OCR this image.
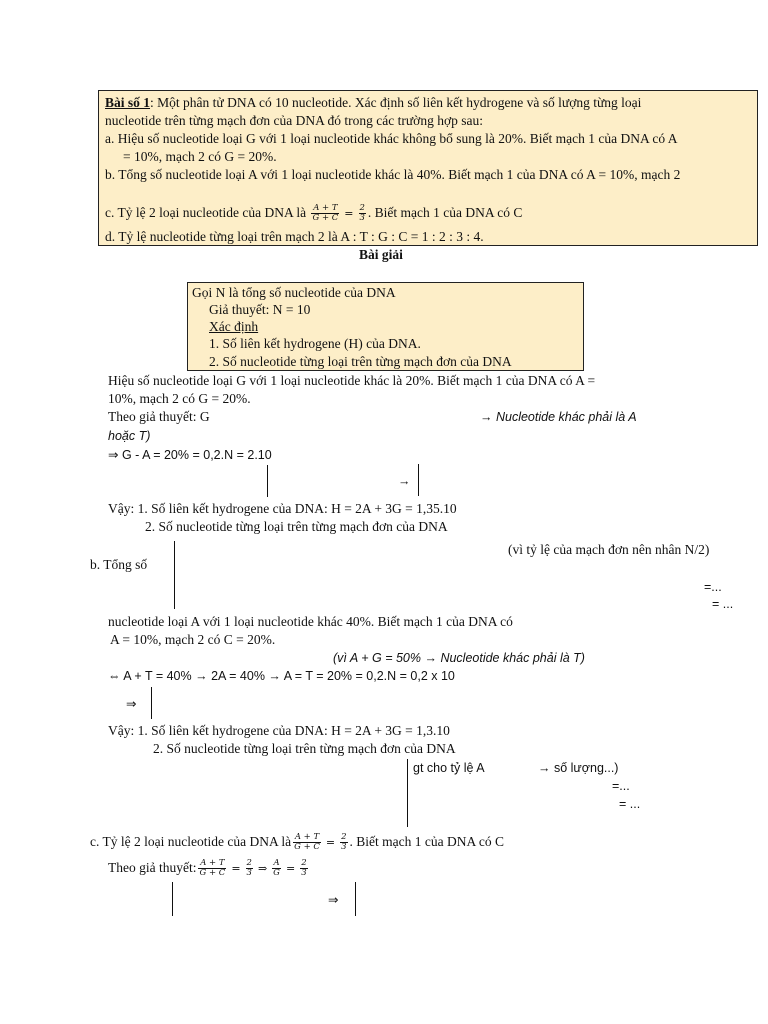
Bài số 1: Một phân tử DNA có 10 nucleotide. Xác định số liên kết hydrogene và số lượng từng loại
nucleotide trên từng mạch đơn của DNA đó trong các trường hợp sau:
a. Hiệu số nucleotide loại G với 1 loại nucleotide khác không bổ sung là 20%. Biết mạch 1 của DNA có A
= 10%, mạch 2 có G = 20%.
b. Tổng số nucleotide loại A với 1 loại nucleotide khác là 40%. Biết mạch 1 của DNA có A = 10%, mạch 2
c. Tỷ lệ 2 loại nucleotide của DNA là $\frac{A + T}{G + C} = \frac{2}{3}$ . Biết mạch 1 của DNA có C
d. Tỷ lệ nucleotide từng loại trên mạch 2 là A : T : G : C = 1 : 2 : 3 : 4.
Bài giải
Gọi N là tổng số nucleotide của DNA
Giả thuyết: N = 10
Xác định
1. Số liên kết hydrogene (H) của DNA.
2. Số nucleotide từng loại trên từng mạch đơn của DNA
Hiệu số nucleotide loại G với 1 loại nucleotide khác là 20%. Biết mạch 1 của DNA có A =
10%, mạch 2 có G = 20%.
Theo giả thuyết: G	→ Nucleotide khác phải là A
hoặc T)
⇒ G - A = 20% = 0,2.N = 2.10
→
Vậy: 1. Số liên kết hydrogene của DNA: H = 2A + 3G = 1,35.10
2. Số nucleotide từng loại trên từng mạch đơn của DNA
(vì tỷ lệ của mạch đơn nên nhân N/2)
b. Tổng số
=...
= ...
nucleotide loại A với 1 loại nucleotide khác 40%. Biết mạch 1 của DNA có
A = 10%, mạch 2 có C = 20%.
(vì A + G = 50% → Nucleotide khác phải là T)
⇔ A + T = 40% → 2A = 40% → A = T = 20% = 0,2.N = 0,2 x 10
⇒
Vậy: 1. Số liên kết hydrogene của DNA: H = 2A + 3G = 1,3.10
2. Số nucleotide từng loại trên từng mạch đơn của DNA
gt cho tỷ lệ A	→ số lượng...)
=...
= ...
c. Tỷ lệ 2 loại nucleotide của DNA là $\frac{A + T}{G + C} = \frac{2}{3}$ . Biết mạch 1 của DNA có C
Theo giả thuyết: $\frac{A + T}{G + C} = \frac{2}{3}$ ⇒ $\frac{A}{G} = \frac{2}{3}$
⇒
